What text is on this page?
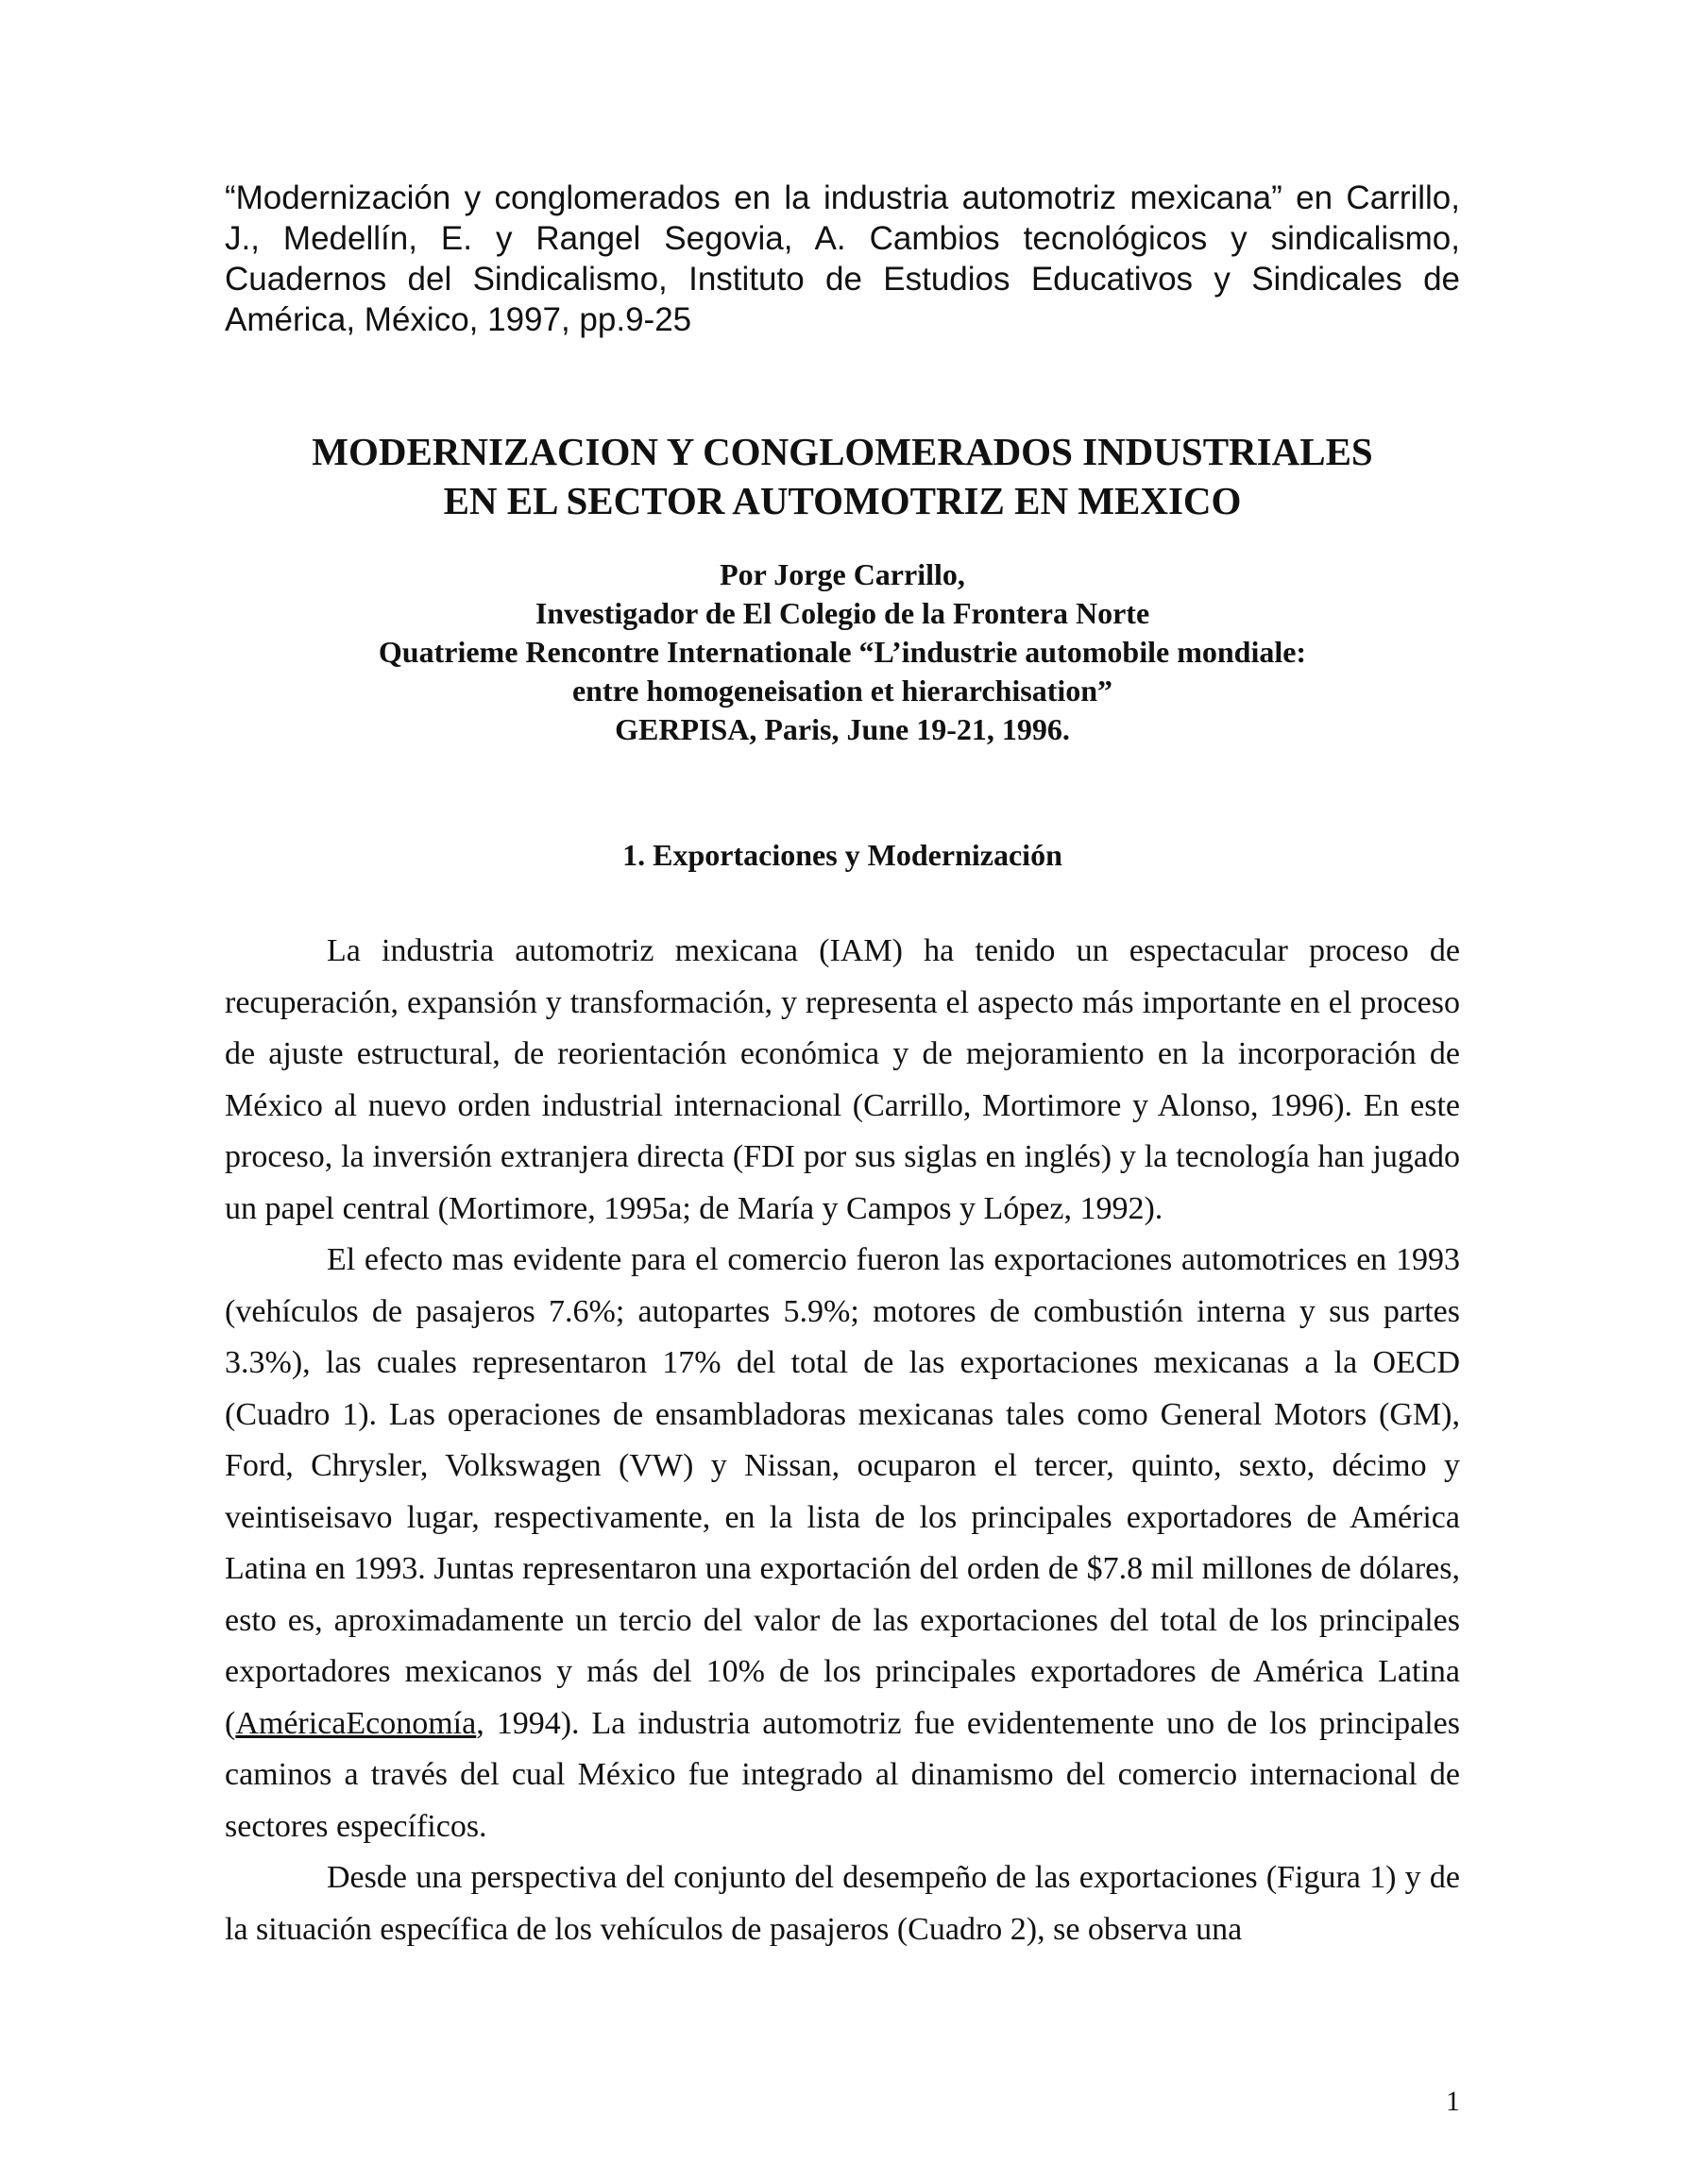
“Modernización y conglomerados en la industria automotriz mexicana” en Carrillo, J., Medellín, E. y Rangel Segovia, A. Cambios tecnológicos y sindicalismo, Cuadernos del Sindicalismo, Instituto de Estudios Educativos y Sindicales de América, México, 1997, pp.9-25

MODERNIZACION Y CONGLOMERADOS INDUSTRIALES
EN EL SECTOR AUTOMOTRIZ EN MEXICO
Por Jorge Carrillo,
Investigador de El Colegio de la Frontera Norte
Quatrieme Rencontre Internationale “L’industrie automobile mondiale:
entre homogeneisation et hierarchisation”
GERPISA, Paris, June 19-21, 1996.
1. Exportaciones y Modernización

La industria automotriz mexicana (IAM) ha tenido un espectacular proceso de recuperación, expansión y transformación, y representa el aspecto más importante en el proceso de ajuste estructural, de reorientación económica y de mejoramiento en la incorporación de México al nuevo orden industrial internacional (Carrillo, Mortimore y Alonso, 1996). En este proceso, la inversión extranjera directa (FDI por sus siglas en inglés) y la tecnología han jugado un papel central (Mortimore, 1995a; de María y Campos y López, 1992).

El efecto mas evidente para el comercio fueron las exportaciones automotrices en 1993 (vehículos de pasajeros 7.6%; autopartes 5.9%; motores de combustión interna y sus partes 3.3%), las cuales representaron 17% del total de las exportaciones mexicanas a la OECD (Cuadro 1). Las operaciones de ensambladoras mexicanas tales como General Motors (GM), Ford, Chrysler, Volkswagen (VW) y Nissan, ocuparon el tercer, quinto, sexto, décimo y veintiseisavo lugar, respectivamente, en la lista de los principales exportadores de América Latina en 1993. Juntas representaron una exportación del orden de $7.8 mil millones de dólares, esto es, aproximadamente un tercio del valor de las exportaciones del total de los principales exportadores mexicanos y más del 10% de los principales exportadores de América Latina (AméricaEconomía, 1994). La industria automotriz fue evidentemente uno de los principales caminos a través del cual México fue integrado al dinamismo del comercio internacional de sectores específicos.

Desde una perspectiva del conjunto del desempeño de las exportaciones (Figura 1) y de la situación específica de los vehículos de pasajeros (Cuadro 2), se observa una

1
